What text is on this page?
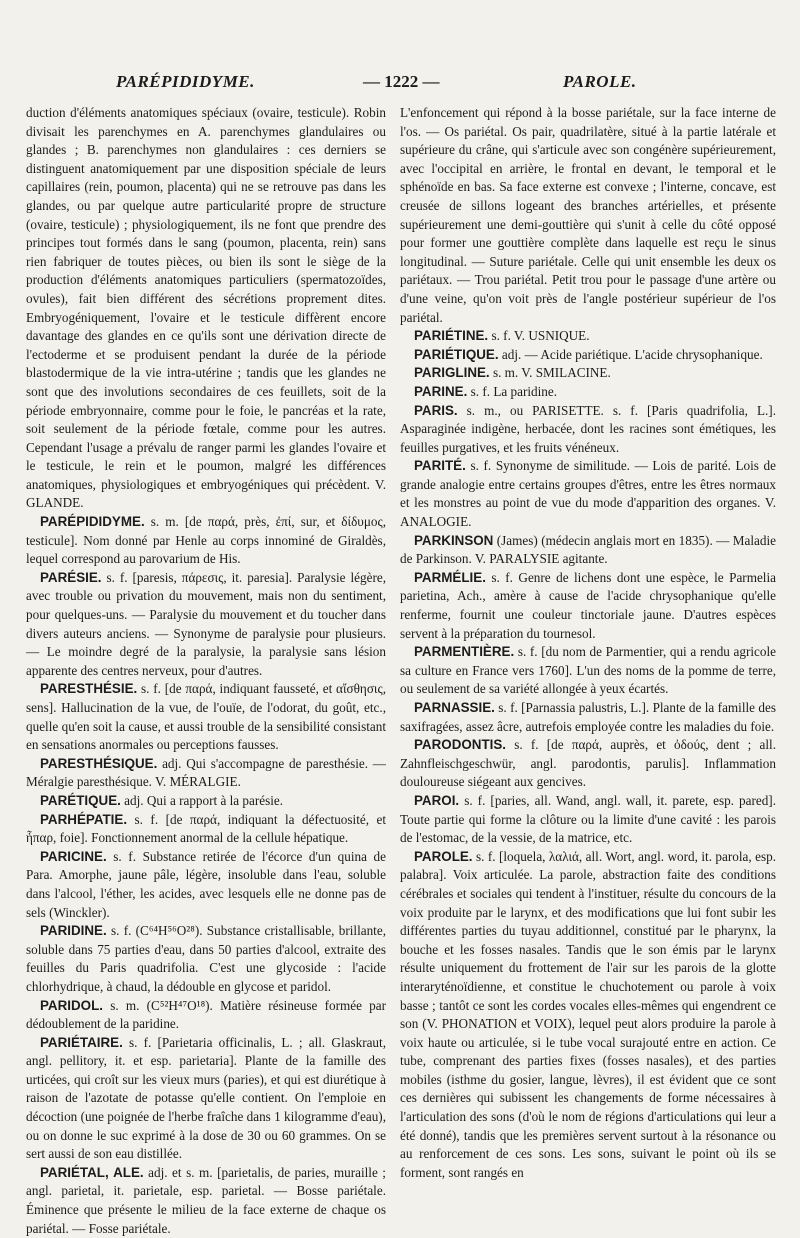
PARÉPIDIDYME.	— 1222 —	PAROLE.

duction d'éléments anatomiques spéciaux (ovaire, testicule). Robin divisait les parenchymes en A. parenchymes glandulaires ou glandes ; B. parenchymes non glandulaires : ces derniers se distinguent anatomiquement par une disposition spéciale de leurs capillaires (rein, poumon, placenta) qui ne se retrouve pas dans les glandes, ou par quelque autre particularité propre de structure (ovaire, testicule) ; physiologiquement, ils ne font que prendre des principes tout formés dans le sang (poumon, placenta, rein) sans rien fabriquer de toutes pièces, ou bien ils sont le siège de la production d'éléments anatomiques particuliers (spermatozoïdes, ovules), fait bien différent des sécrétions proprement dites. Embryogéniquement, l'ovaire et le testicule diffèrent encore davantage des glandes en ce qu'ils sont une dérivation directe de l'ectoderme et se produisent pendant la durée de la période blastodermique de la vie intra-utérine ; tandis que les glandes ne sont que des involutions secondaires de ces feuillets, soit de la période embryonnaire, comme pour le foie, le pancréas et la rate, soit seulement de la période fœtale, comme pour les autres. Cependant l'usage a prévalu de ranger parmi les glandes l'ovaire et le testicule, le rein et le poumon, malgré les différences anatomiques, physiologiques et embryogéniques qui précèdent. V. GLANDE.

PARÉPIDIDYME. s. m. [de παρά, près, ἐπί, sur, et δίδυμος, testicule]. Nom donné par Henle au corps innominé de Giraldès, lequel correspond au parovarium de His.

PARÉSIE. s. f. [paresis, πάρεσις, it. paresia]. Paralysie légère, avec trouble ou privation du mouvement, mais non du sentiment, pour quelques-uns. — Paralysie du mouvement et du toucher dans divers auteurs anciens. — Synonyme de paralysie pour plusieurs. — Le moindre degré de la paralysie, la paralysie sans lésion apparente des centres nerveux, pour d'autres.

PARESTHÉSIE. s. f. [de παρά, indiquant fausseté, et αἴσθησις, sens]. Hallucination de la vue, de l'ouïe, de l'odorat, du goût, etc., quelle qu'en soit la cause, et aussi trouble de la sensibilité consistant en sensations anormales ou perceptions fausses.

PARESTHÉSIQUE. adj. Qui s'accompagne de paresthésie. — Méralgie paresthésique. V. MÉRALGIE.

PARÉTIQUE. adj. Qui a rapport à la parésie.

PARHÉPATIE. s. f. [de παρά, indiquant la défectuosité, et ἧπαρ, foie]. Fonctionnement anormal de la cellule hépatique.

PARICINE. s. f. Substance retirée de l'écorce d'un quina de Para. Amorphe, jaune pâle, légère, insoluble dans l'eau, soluble dans l'alcool, l'éther, les acides, avec lesquels elle ne donne pas de sels (Winckler).

PARIDINE. s. f. (C⁶⁴H⁵⁶O²⁸). Substance cristallisable, brillante, soluble dans 75 parties d'eau, dans 50 parties d'alcool, extraite des feuilles du Paris quadrifolia. C'est une glycoside : l'acide chlorhydrique, à chaud, la dédouble en glycose et paridol.

PARIDOL. s. m. (C⁵²H⁴⁷O¹⁸). Matière résineuse formée par dédoublement de la paridine.

PARIÉTAIRE. s. f. [Parietaria officinalis, L. ; all. Glaskraut, angl. pellitory, it. et esp. parietaria]. Plante de la famille des urticées, qui croît sur les vieux murs (paries), et qui est diurétique à raison de l'azotate de potasse qu'elle contient. On l'emploie en décoction (une poignée de l'herbe fraîche dans 1 kilogramme d'eau), ou on donne le suc exprimé à la dose de 30 ou 60 grammes. On se sert aussi de son eau distillée.

PARIÉTAL, ALE. adj. et s. m. [parietalis, de paries, muraille ; angl. parietal, it. parietale, esp. parietal. — Bosse pariétale. Éminence que présente le milieu de la face externe de chaque os pariétal. — Fosse pariétale.

L'enfoncement qui répond à la bosse pariétale, sur la face interne de l'os. — Os pariétal. Os pair, quadrilatère, situé à la partie latérale et supérieure du crâne, qui s'articule avec son congénère supérieurement, avec l'occipital en arrière, le frontal en devant, le temporal et le sphénoïde en bas. Sa face externe est convexe ; l'interne, concave, est creusée de sillons logeant des branches artérielles, et présente supérieurement une demi-gouttière qui s'unit à celle du côté opposé pour former une gouttière complète dans laquelle est reçu le sinus longitudinal. — Suture pariétale. Celle qui unit ensemble les deux os pariétaux. — Trou pariétal. Petit trou pour le passage d'une artère ou d'une veine, qu'on voit près de l'angle postérieur supérieur de l'os pariétal.

PARIÉTINE. s. f. V. USNIQUE.

PARIÉTIQUE. adj. — Acide pariétique. L'acide chrysophanique.

PARIGLINE. s. m. V. SMILACINE.

PARINE. s. f. La paridine.

PARIS. s. m., ou PARISETTE. s. f. [Paris quadrifolia, L.]. Asparaginée indigène, herbacée, dont les racines sont émétiques, les feuilles purgatives, et les fruits vénéneux.

PARITÉ. s. f. Synonyme de similitude. — Lois de parité. Lois de grande analogie entre certains groupes d'êtres, entre les êtres normaux et les monstres au point de vue du mode d'apparition des organes. V. ANALOGIE.

PARKINSON (James) (médecin anglais mort en 1835). — Maladie de Parkinson. V. PARALYSIE agitante.

PARMÉLIE. s. f. Genre de lichens dont une espèce, le Parmelia parietina, Ach., amère à cause de l'acide chrysophanique qu'elle renferme, fournit une couleur tinctoriale jaune. D'autres espèces servent à la préparation du tournesol.

PARMENTIÈRE. s. f. [du nom de Parmentier, qui a rendu agricole sa culture en France vers 1760]. L'un des noms de la pomme de terre, ou seulement de sa variété allongée à yeux écartés.

PARNASSIE. s. f. [Parnassia palustris, L.]. Plante de la famille des saxifragées, assez âcre, autrefois employée contre les maladies du foie.

PARODONTIS. s. f. [de παρά, auprès, et ὀδούς, dent ; all. Zahnfleischgeschwür, angl. parodontis, parulis]. Inflammation douloureuse siégeant aux gencives.

PAROI. s. f. [paries, all. Wand, angl. wall, it. parete, esp. pared]. Toute partie qui forme la clôture ou la limite d'une cavité : les parois de l'estomac, de la vessie, de la matrice, etc.

PAROLE. s. f. [loquela, λαλιά, all. Wort, angl. word, it. parola, esp. palabra]. Voix articulée. La parole, abstraction faite des conditions cérébrales et sociales qui tendent à l'instituer, résulte du concours de la voix produite par le larynx, et des modifications que lui font subir les différentes parties du tuyau additionnel, constitué par le pharynx, la bouche et les fosses nasales. Tandis que le son émis par le larynx résulte uniquement du frottement de l'air sur les parois de la glotte interaryténoïdienne, et constitue le chuchotement ou parole à voix basse ; tantôt ce sont les cordes vocales elles-mêmes qui engendrent ce son (V. PHONATION et VOIX), lequel peut alors produire la parole à voix haute ou articulée, si le tube vocal surajouté entre en action. Ce tube, comprenant des parties fixes (fosses nasales), et des parties mobiles (isthme du gosier, langue, lèvres), il est évident que ce sont ces dernières qui subissent les changements de forme nécessaires à l'articulation des sons (d'où le nom de régions d'articulations qui leur a été donné), tandis que les premières servent surtout à la résonance ou au renforcement de ces sons. Les sons, suivant le point où ils se forment, sont rangés en
